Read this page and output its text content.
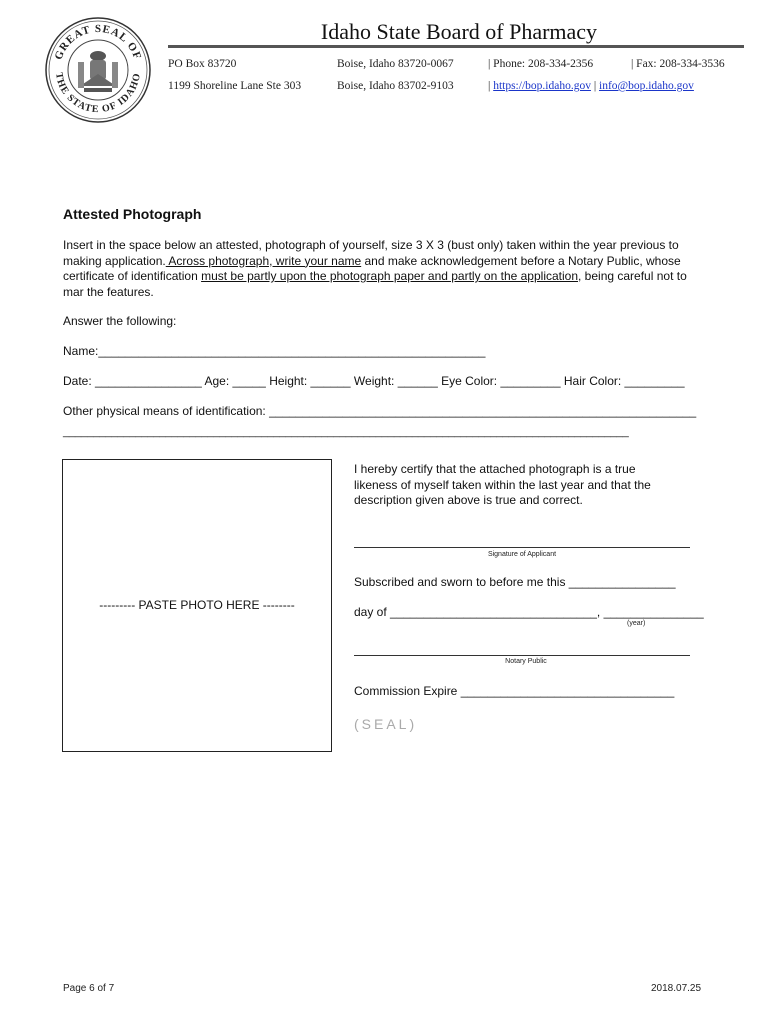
GREAT SEAL OF
THE STATE OF IDAHO
Idaho State Board of Pharmacy
PO Box 83720	Boise, Idaho 83720-0067	| Phone: 208-334-2356	| Fax: 208-334-3536
1199 Shoreline Lane Ste 303	Boise, Idaho 83702-9103	| https://bop.idaho.gov | info@bop.idaho.gov
Attested Photograph
Insert in the space below an attested, photograph of yourself, size 3 X 3 (bust only) taken within the year previous to
making application. Across photograph, write your name and make acknowledgement before a Notary Public, whose
certificate of identification must be partly upon the photograph paper and partly on the application, being careful not to
mar the features.
Answer the following:
Name:__________________________________________________________
Date: ________________ Age: _____ Height: ______ Weight: ______ Eye Color: _________ Hair Color: _________
Other physical means of identification: ________________________________________________________________
______________________________________________________________________________________________
--------- PASTE PHOTO HERE --------
I hereby certify that the attached photograph is a true
likeness of myself taken within the last year and that the
description given above is true and correct.
Signature of Applicant
Subscribed and sworn to before me this ________________
day of _______________________________, _______________
(year)
Notary Public
Commission Expire ________________________________
(SEAL)
Page 6 of 7	2018.07.25
